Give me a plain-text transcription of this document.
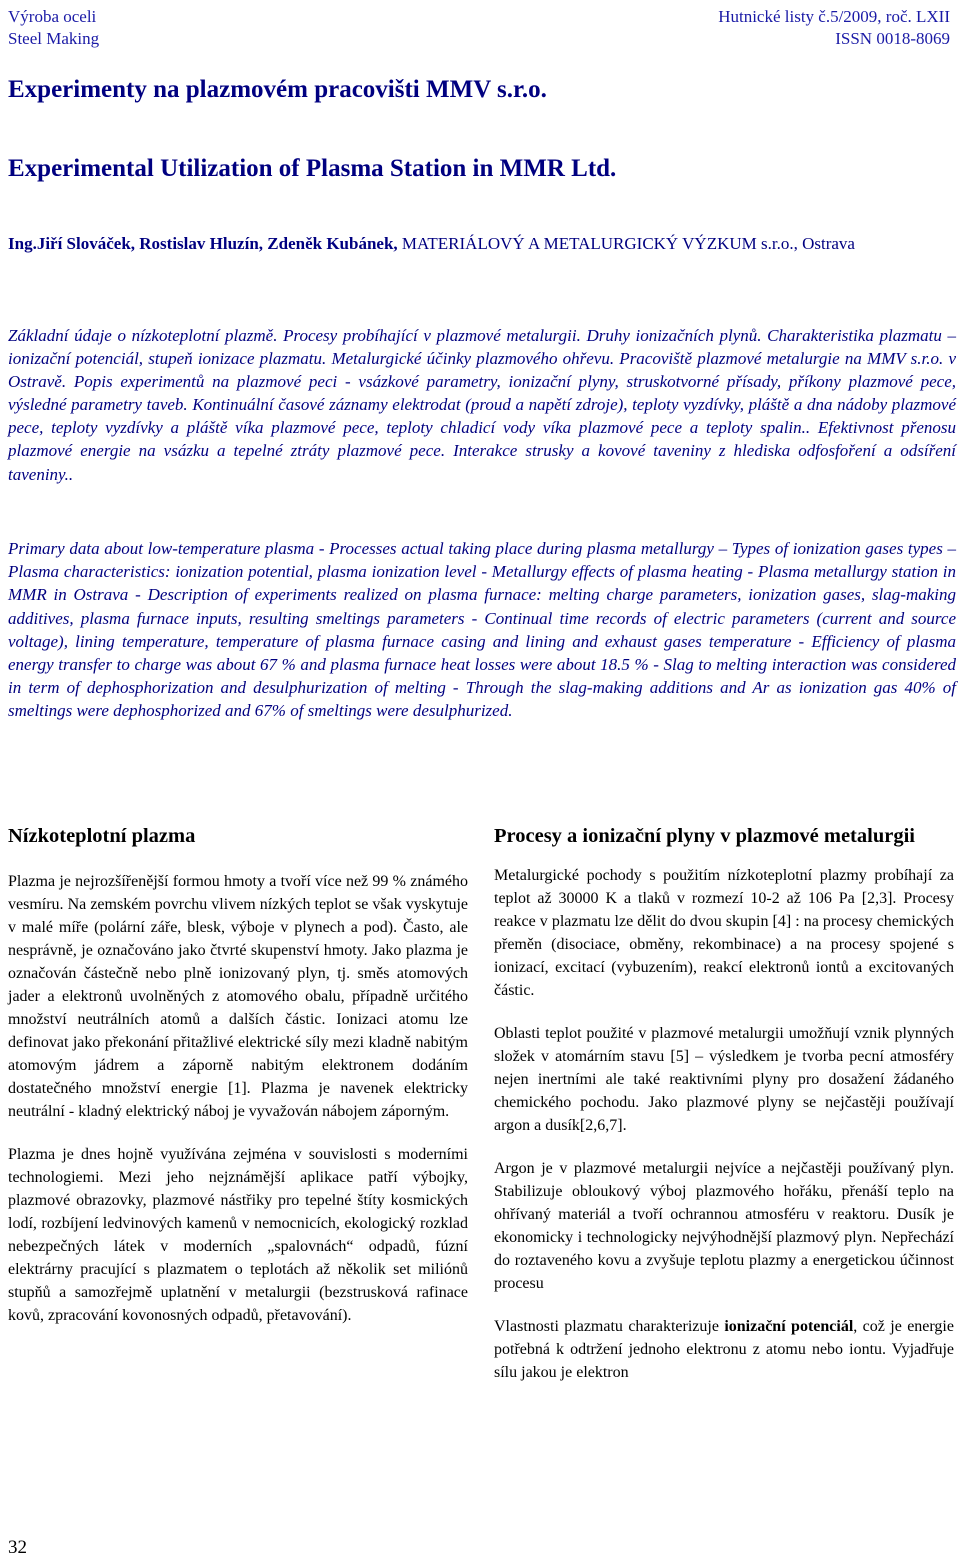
Výroba oceli
Steel Making
Hutnické listy č.5/2009, roč. LXII
ISSN 0018-8069
Experimenty na plazmovém pracovišti MMV s.r.o.
Experimental Utilization of Plasma Station in MMR Ltd.
Ing.Jiří Slováček, Rostislav Hluzín, Zdeněk Kubánek, MATERIÁLOVÝ A METALURGICKÝ VÝZKUM s.r.o., Ostrava

Základní údaje o nízkoteplotní plazmě. Procesy probíhající v plazmové metalurgii. Druhy ionizačních plynů. Charakteristika plazmatu – ionizační potenciál, stupeň ionizace plazmatu. Metalurgické účinky plazmového ohřevu. Pracoviště plazmové metalurgie na MMV s.r.o. v Ostravě. Popis experimentů na plazmové peci - vsázkové parametry, ionizační plyny, struskotvorné přísady, příkony plazmové pece, výsledné parametry taveb. Kontinuální časové záznamy elektrodat (proud a napětí zdroje), teploty vyzdívky, pláště a dna nádoby plazmové pece, teploty vyzdívky a pláště víka plazmové pece, teploty chladicí vody víka plazmové pece a teploty spalin.. Efektivnost přenosu plazmové energie na vsázku a tepelné ztráty plazmové pece. Interakce strusky a kovové taveniny z hlediska odfosfoření a odsíření taveniny..

Primary data about low-temperature plasma - Processes actual taking place during plasma metallurgy – Types of ionization gases types – Plasma characteristics: ionization potential, plasma ionization level - Metallurgy effects of plasma heating - Plasma metallurgy station in MMR in Ostrava - Description of experiments realized on plasma furnace: melting charge parameters, ionization gases, slag-making additives, plasma furnace inputs, resulting smeltings parameters - Continual time records of electric parameters (current and source voltage), lining temperature, temperature of plasma furnace casing and lining and exhaust gases temperature - Efficiency of plasma energy transfer to charge was about 67 % and plasma furnace heat losses were about 18.5 % - Slag to melting interaction was considered in term of dephosphorization and desulphurization of melting - Through the slag-making additions and Ar as ionization gas 40% of smeltings were dephosphorized and 67% of smeltings were desulphurized.

Nízkoteplotní plazma

Plazma je nejrozšířenější formou hmoty a tvoří více než 99 % známého vesmíru. Na zemském povrchu vlivem nízkých teplot se však vyskytuje v malé míře (polární záře, blesk, výboje v plynech a pod). Často, ale nesprávně, je označováno jako čtvrté skupenství hmoty. Jako plazma je označován částečně nebo plně ionizovaný plyn, tj. směs atomových jader a elektronů uvolněných z atomového obalu, případně určitého množství neutrálních atomů a dalších částic. Ionizaci atomu lze definovat jako překonání přitažlivé elektrické síly mezi kladně nabitým atomovým jádrem a záporně nabitým elektronem dodáním dostatečného množství energie [1]. Plazma je navenek elektricky neutrální - kladný elektrický náboj je vyvažován nábojem záporným.

Plazma je dnes hojně využívána zejména v souvislosti s moderními technologiemi. Mezi jeho nejznámější aplikace patří výbojky, plazmové obrazovky, plazmové nástřiky pro tepelné štíty kosmických lodí, rozbíjení ledvinových kamenů v nemocnicích, ekologický rozklad nebezpečných látek v moderních „spalovnách“ odpadů, fúzní elektrárny pracující s plazmatem o teplotách až několik set miliónů stupňů a samozřejmě uplatnění v metalurgii (bezstrusková rafinace kovů, zpracování kovonosných odpadů, přetavování).

Procesy a ionizační plyny v plazmové metalurgii

Metalurgické pochody s použitím nízkoteplotní plazmy probíhají za teplot až 30000 K a tlaků v rozmezí 10-2 až 106 Pa [2,3]. Procesy reakce v plazmatu lze dělit do dvou skupin [4] : na procesy chemických přeměn (disociace, obměny, rekombinace) a na procesy spojené s ionizací, excitací (vybuzením), reakcí elektronů iontů a excitovaných částic.

Oblasti teplot použité v plazmové metalurgii umožňují vznik plynných složek v atomárním stavu [5] – výsledkem je tvorba pecní atmosféry nejen inertními ale také reaktivními plyny pro dosažení žádaného chemického pochodu. Jako plazmové plyny se nejčastěji používají argon a dusík[2,6,7].

Argon je v plazmové metalurgii nejvíce a nejčastěji používaný plyn. Stabilizuje obloukový výboj plazmového hořáku, přenáší teplo na ohřívaný materiál a tvoří ochrannou atmosféru v reaktoru. Dusík je ekonomicky i technologicky nejvýhodnější plazmový plyn. Nepřechází do roztaveného kovu a zvyšuje teplotu plazmy a energetickou účinnost procesu

Vlastnosti plazmatu charakterizuje ionizační potenciál, což je energie potřebná k odtržení jednoho elektronu z atomu nebo iontu. Vyjadřuje sílu jakou je elektron

32
